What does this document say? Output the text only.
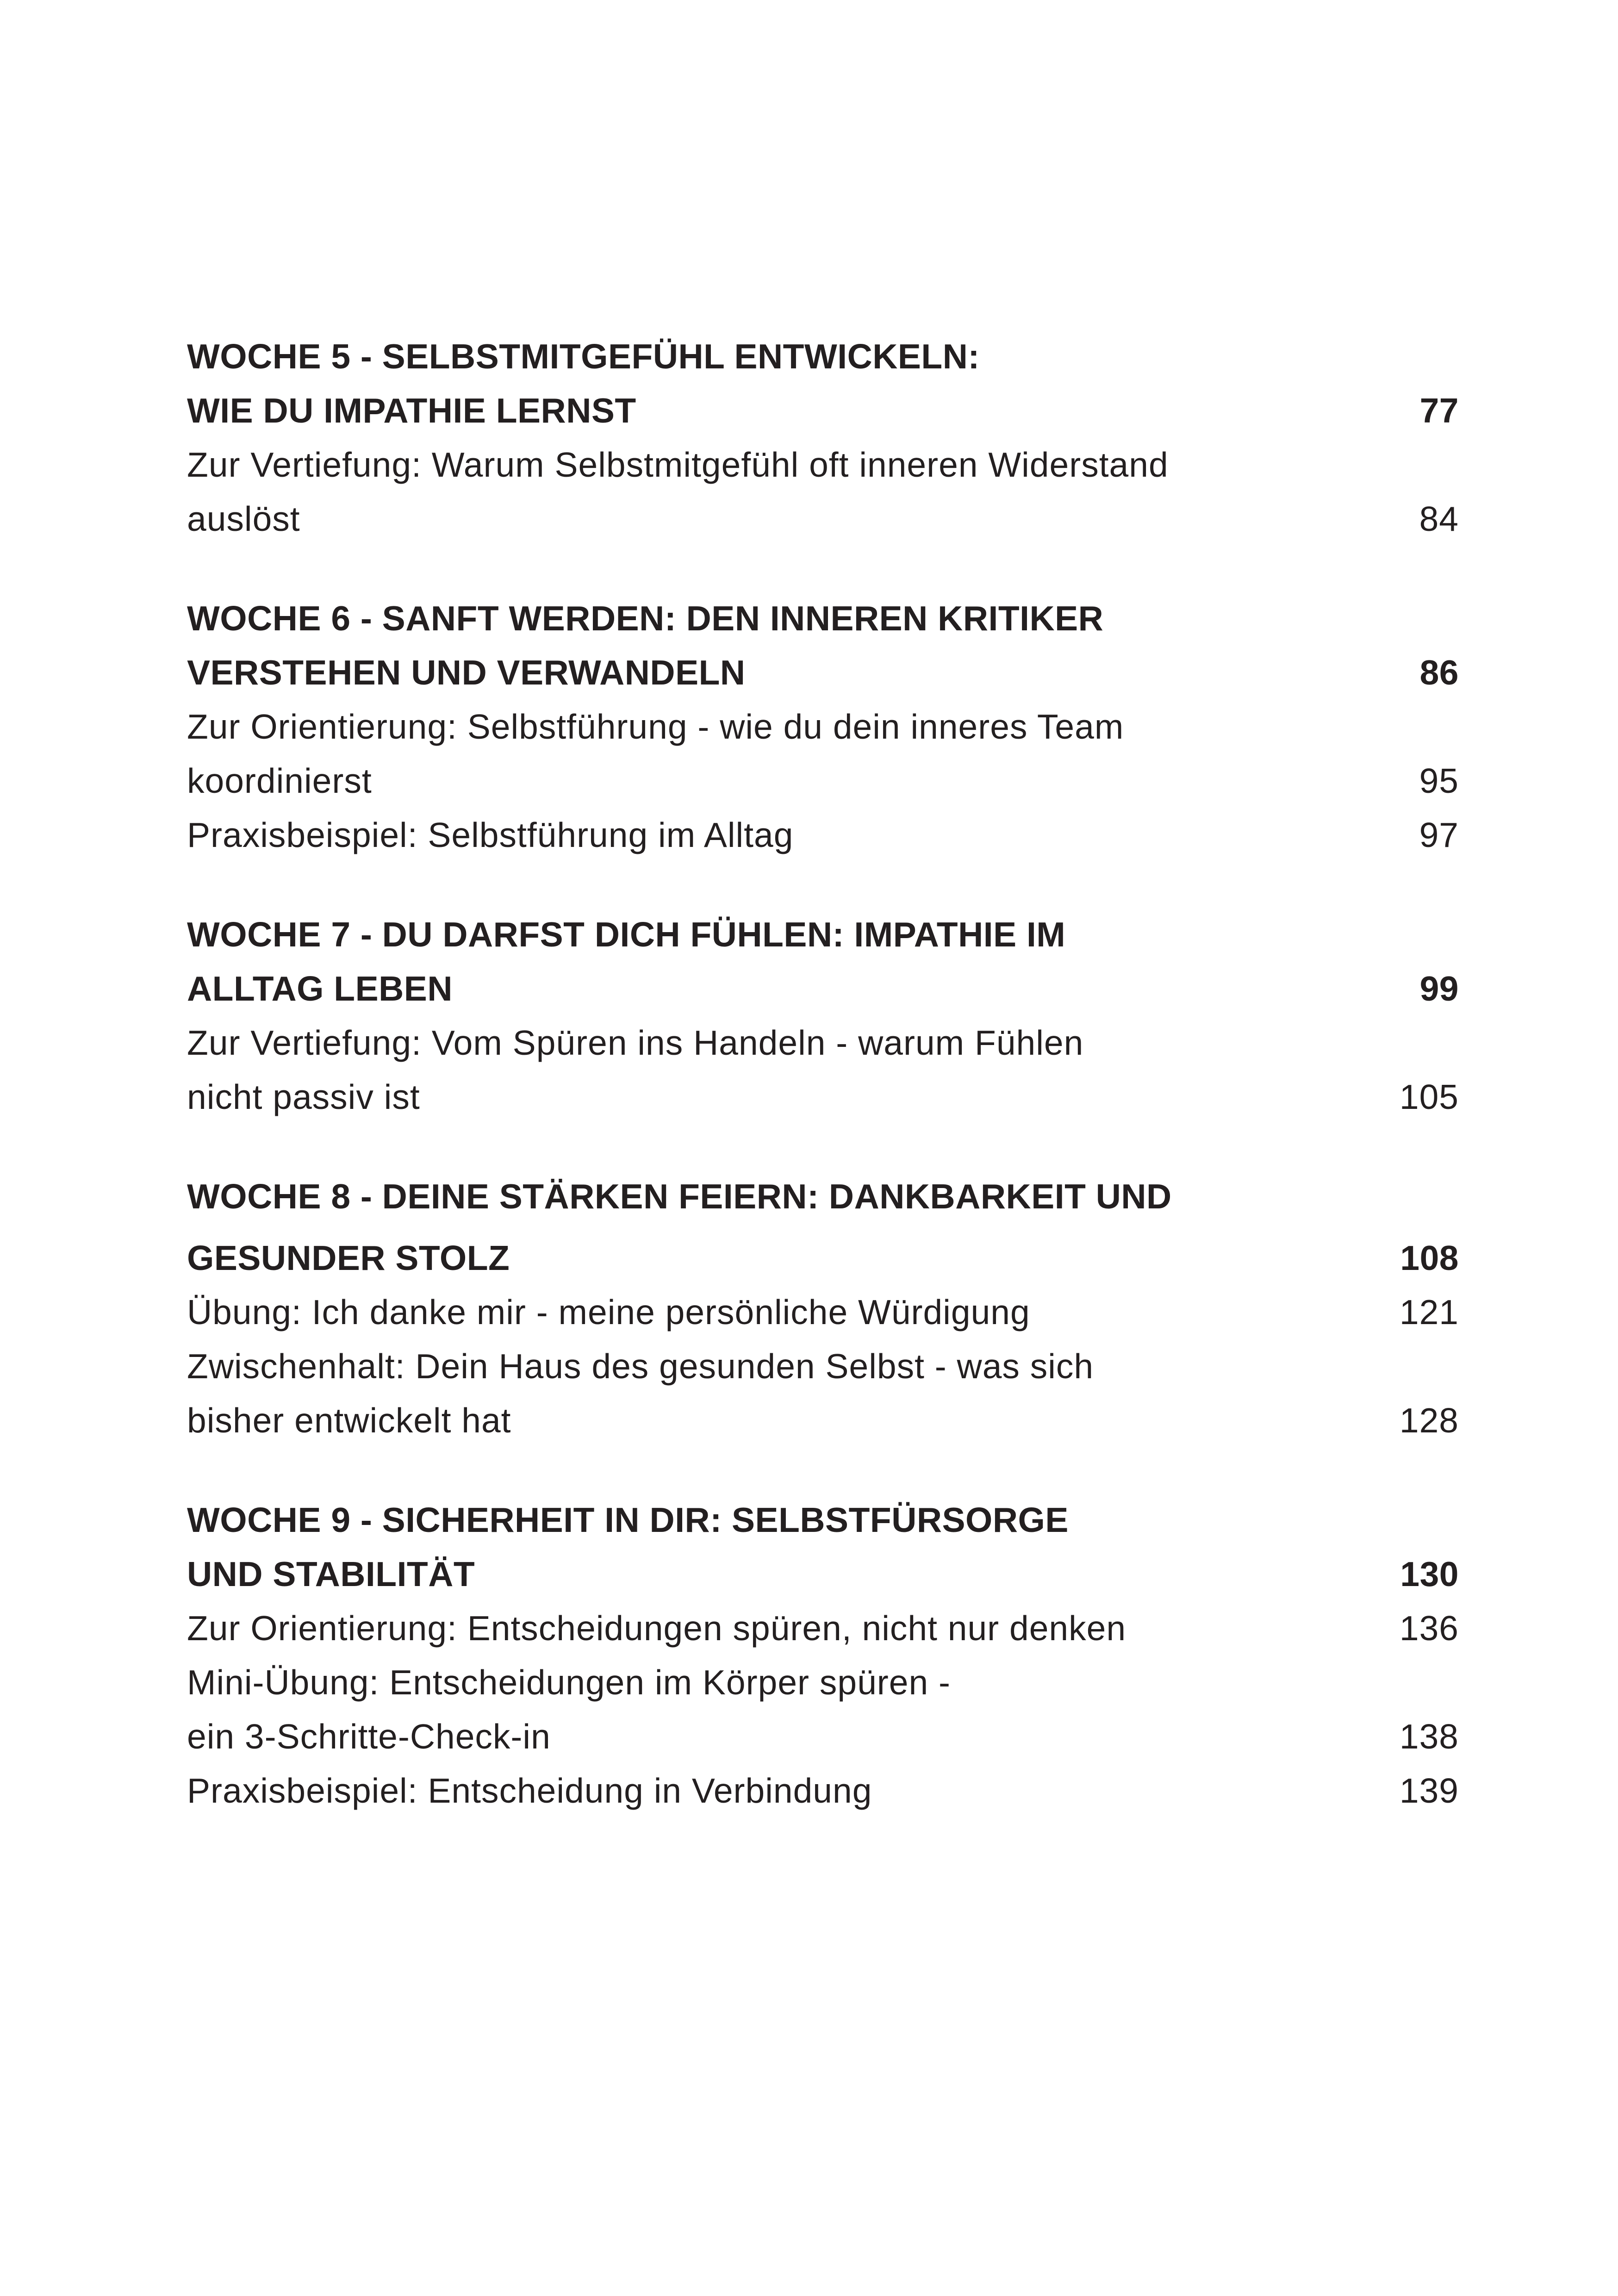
WOCHE 5 - SELBSTMITGEFÜHL ENTWICKELN:
WIE DU IMPATHIE LERNST	77
Zur Vertiefung: Warum Selbstmitgefühl oft inneren Widerstand
auslöst	84
WOCHE 6 - SANFT WERDEN: DEN INNEREN KRITIKER
VERSTEHEN UND VERWANDELN	86
Zur Orientierung: Selbstführung - wie du dein inneres Team
koordinierst	95
Praxisbeispiel: Selbstführung im Alltag	97
WOCHE 7 - DU DARFST DICH FÜHLEN: IMPATHIE IM
ALLTAG LEBEN	99
Zur Vertiefung: Vom Spüren ins Handeln - warum Fühlen
nicht passiv ist	105
WOCHE 8 - DEINE STÄRKEN FEIERN: DANKBARKEIT UND
GESUNDER STOLZ	108
Übung: Ich danke mir - meine persönliche Würdigung	121
Zwischenhalt: Dein Haus des gesunden Selbst - was sich
bisher entwickelt hat	128
WOCHE 9 - SICHERHEIT IN DIR: SELBSTFÜRSORGE
UND STABILITÄT	130
Zur Orientierung: Entscheidungen spüren, nicht nur denken	136
Mini-Übung: Entscheidungen im Körper spüren -
ein 3-Schritte-Check-in	138
Praxisbeispiel: Entscheidung in Verbindung	139
